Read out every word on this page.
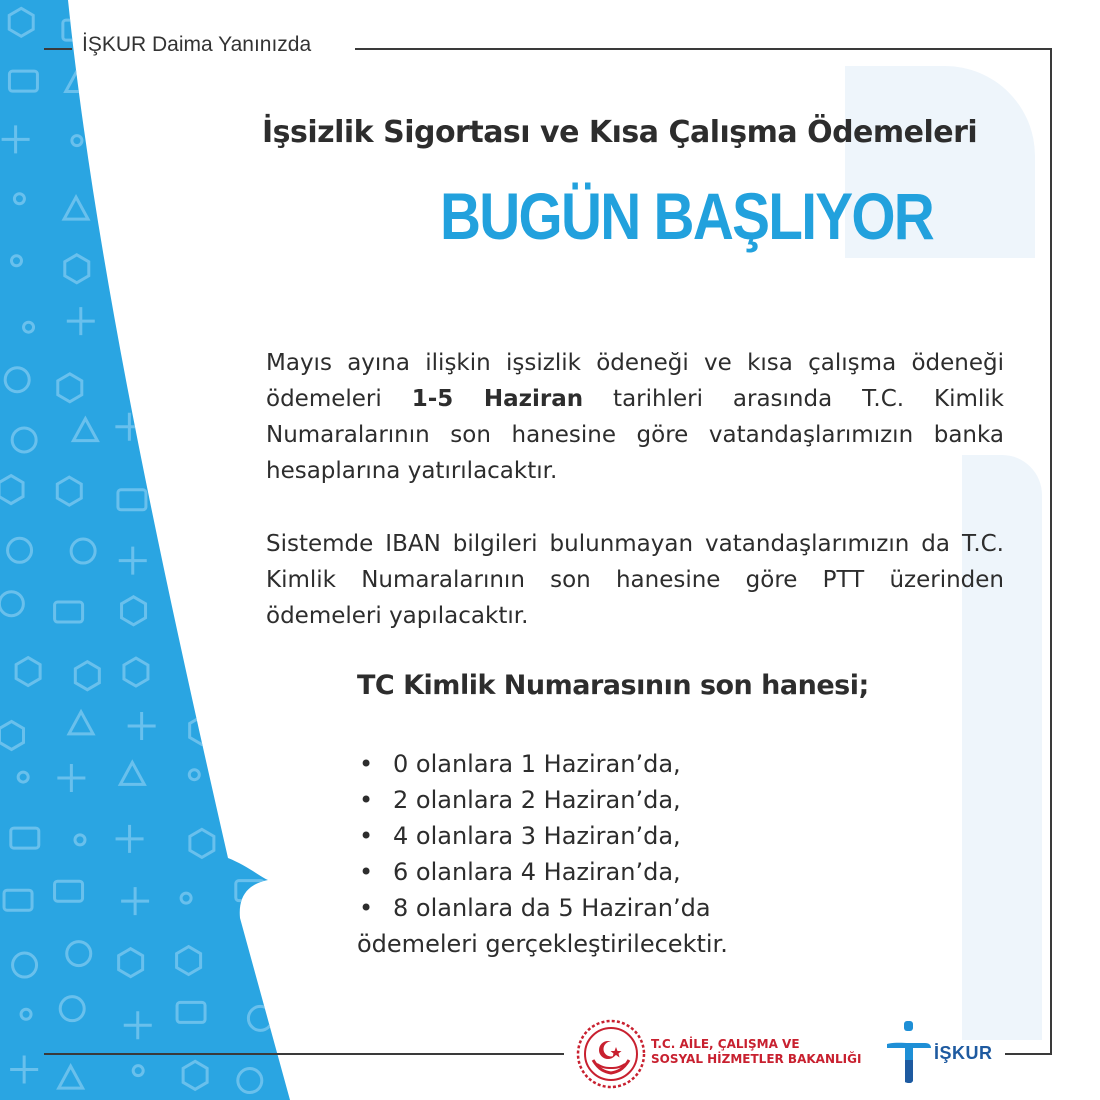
İŞKUR Daima Yanınızda
İşsizlik Sigortası ve Kısa Çalışma Ödemeleri
BUGÜN BAŞLIYOR

Mayıs ayına ilişkin işsizlik ödeneği ve kısa çalışma ödeneği ödemeleri 1-5 Haziran tarihleri arasında T.C. Kimlik Numaralarının son hanesine göre vatandaşlarımızın banka hesaplarına yatırılacaktır.

Sistemde IBAN bilgileri bulunmayan vatandaşlarımızın da T.C. Kimlik Numaralarının son hanesine göre PTT üzerinden ödemeleri yapılacaktır.

TC Kimlik Numarasının son hanesi;
• 0 olanlara 1 Haziran’da,
• 2 olanlara 2 Haziran’da,
• 4 olanlara 3 Haziran’da,
• 6 olanlara 4 Haziran’da,
• 8 olanlara da 5 Haziran’da
ödemeleri gerçekleştirilecektir.
T.C. AİLE, ÇALIŞMA VE
SOSYAL HİZMETLER BAKANLIĞI	İŞKUR
